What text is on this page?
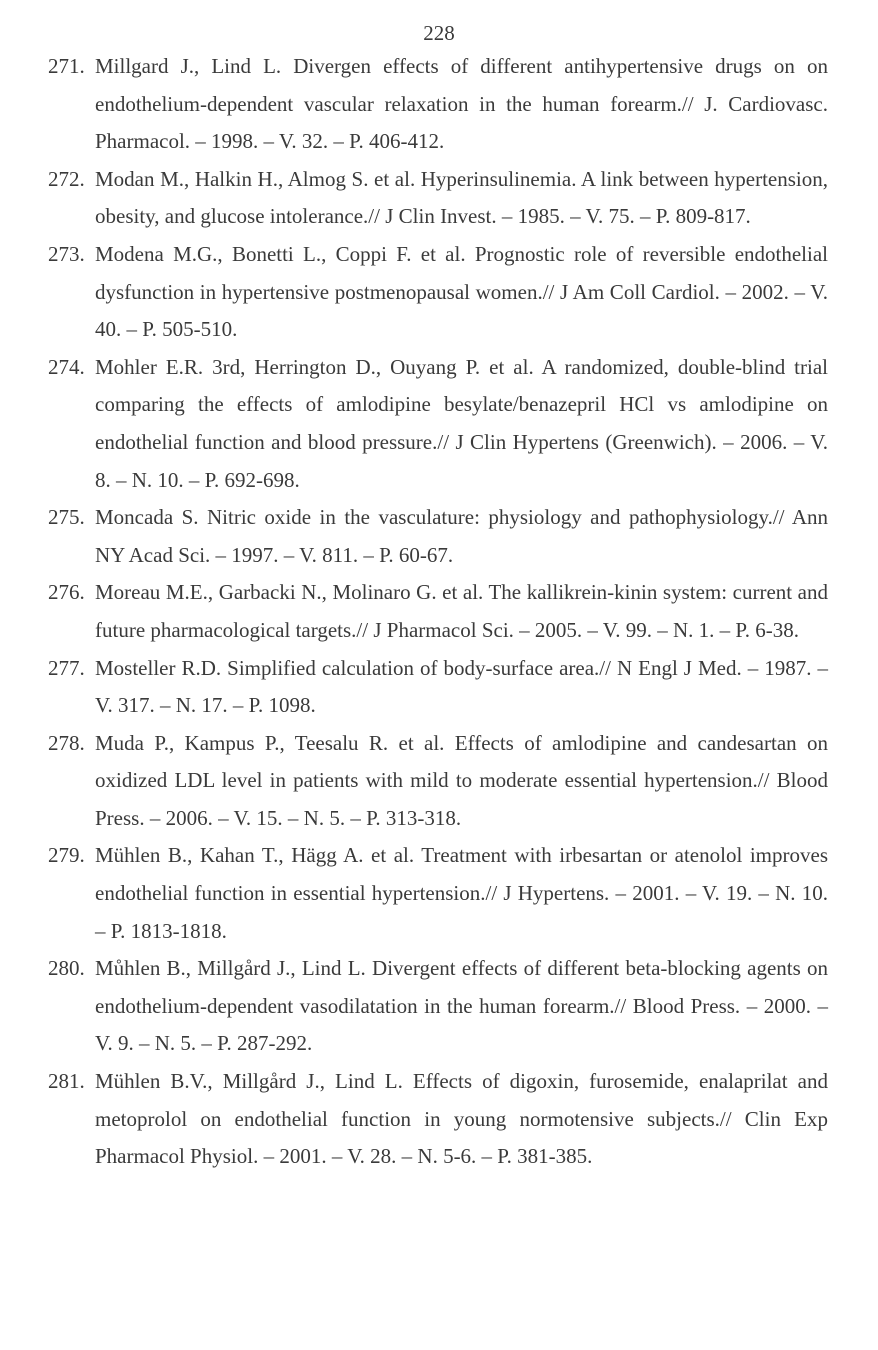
228
271. Millgard J., Lind L. Divergen effects of different antihypertensive drugs on on endothelium-dependent vascular relaxation in the human forearm.// J. Cardiovasc. Pharmacol. – 1998. – V. 32. – P. 406-412.
272. Modan M., Halkin H., Almog S. et al. Hyperinsulinemia. A link between hypertension, obesity, and glucose intolerance.// J Clin Invest. – 1985. – V. 75. – P. 809-817.
273. Modena M.G., Bonetti L., Coppi F. et al. Prognostic role of reversible endothelial dysfunction in hypertensive postmenopausal women.// J Am Coll Cardiol. – 2002. – V. 40. – P. 505-510.
274. Mohler E.R. 3rd, Herrington D., Ouyang P. et al. A randomized, double-blind trial comparing the effects of amlodipine besylate/benazepril HCl vs amlodipine on endothelial function and blood pressure.// J Clin Hypertens (Greenwich). – 2006. – V. 8. – N. 10. – P. 692-698.
275. Moncada S. Nitric oxide in the vasculature: physiology and pathophysiology.// Ann NY Acad Sci. – 1997. – V. 811. – P. 60-67.
276. Moreau M.E., Garbacki N., Molinaro G. et al. The kallikrein-kinin system: current and future pharmacological targets.// J Pharmacol Sci. – 2005. – V. 99. – N. 1. – P. 6-38.
277. Mosteller R.D. Simplified calculation of body-surface area.// N Engl J Med. – 1987. – V. 317. – N. 17. – P. 1098.
278. Muda P., Kampus P., Teesalu R. et al. Effects of amlodipine and candesartan on oxidized LDL level in patients with mild to moderate essential hypertension.// Blood Press. – 2006. – V. 15. – N. 5. – P. 313-318.
279. Mühlen B., Kahan T., Hägg A. et al. Treatment with irbesartan or atenolol improves endothelial function in essential hypertension.// J Hypertens. – 2001. – V. 19. – N. 10. – P. 1813-1818.
280. Můhlen B., Millgård J., Lind L. Divergent effects of different beta-blocking agents on endothelium-dependent vasodilatation in the human forearm.// Blood Press. – 2000. – V. 9. – N. 5. – P. 287-292.
281. Mühlen B.V., Millgård J., Lind L. Effects of digoxin, furosemide, enalaprilat and metoprolol on endothelial function in young normotensive subjects.// Clin Exp Pharmacol Physiol. – 2001. – V. 28. – N. 5-6. – P. 381-385.
